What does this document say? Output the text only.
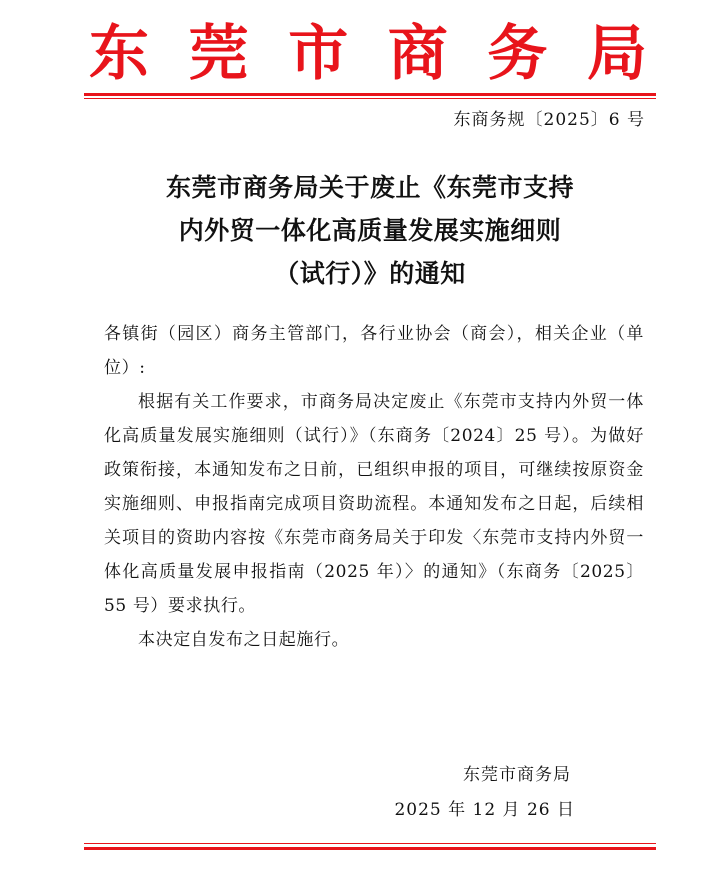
东 莞 市 商 务 局
东商务规〔2025〕6 号
东莞市商务局关于废止《东莞市支持
内外贸一体化高质量发展实施细则
（试行）》的通知

各镇街（园区）商务主管部门，各行业协会（商会），相关企业（单位）:

根据有关工作要求，市商务局决定废止《东莞市支持内外贸一体化高质量发展实施细则（试行）》（东商务〔2024〕25 号）。为做好政策衔接，本通知发布之日前，已组织申报的项目，可继续按原资金实施细则、申报指南完成项目资助流程。本通知发布之日起，后续相关项目的资助内容按《东莞市商务局关于印发〈东莞市支持内外贸一体化高质量发展申报指南（2025 年）〉的通知》（东商务〔2025〕55 号）要求执行。

本决定自发布之日起施行。

东莞市商务局
2025 年 12 月 26 日
